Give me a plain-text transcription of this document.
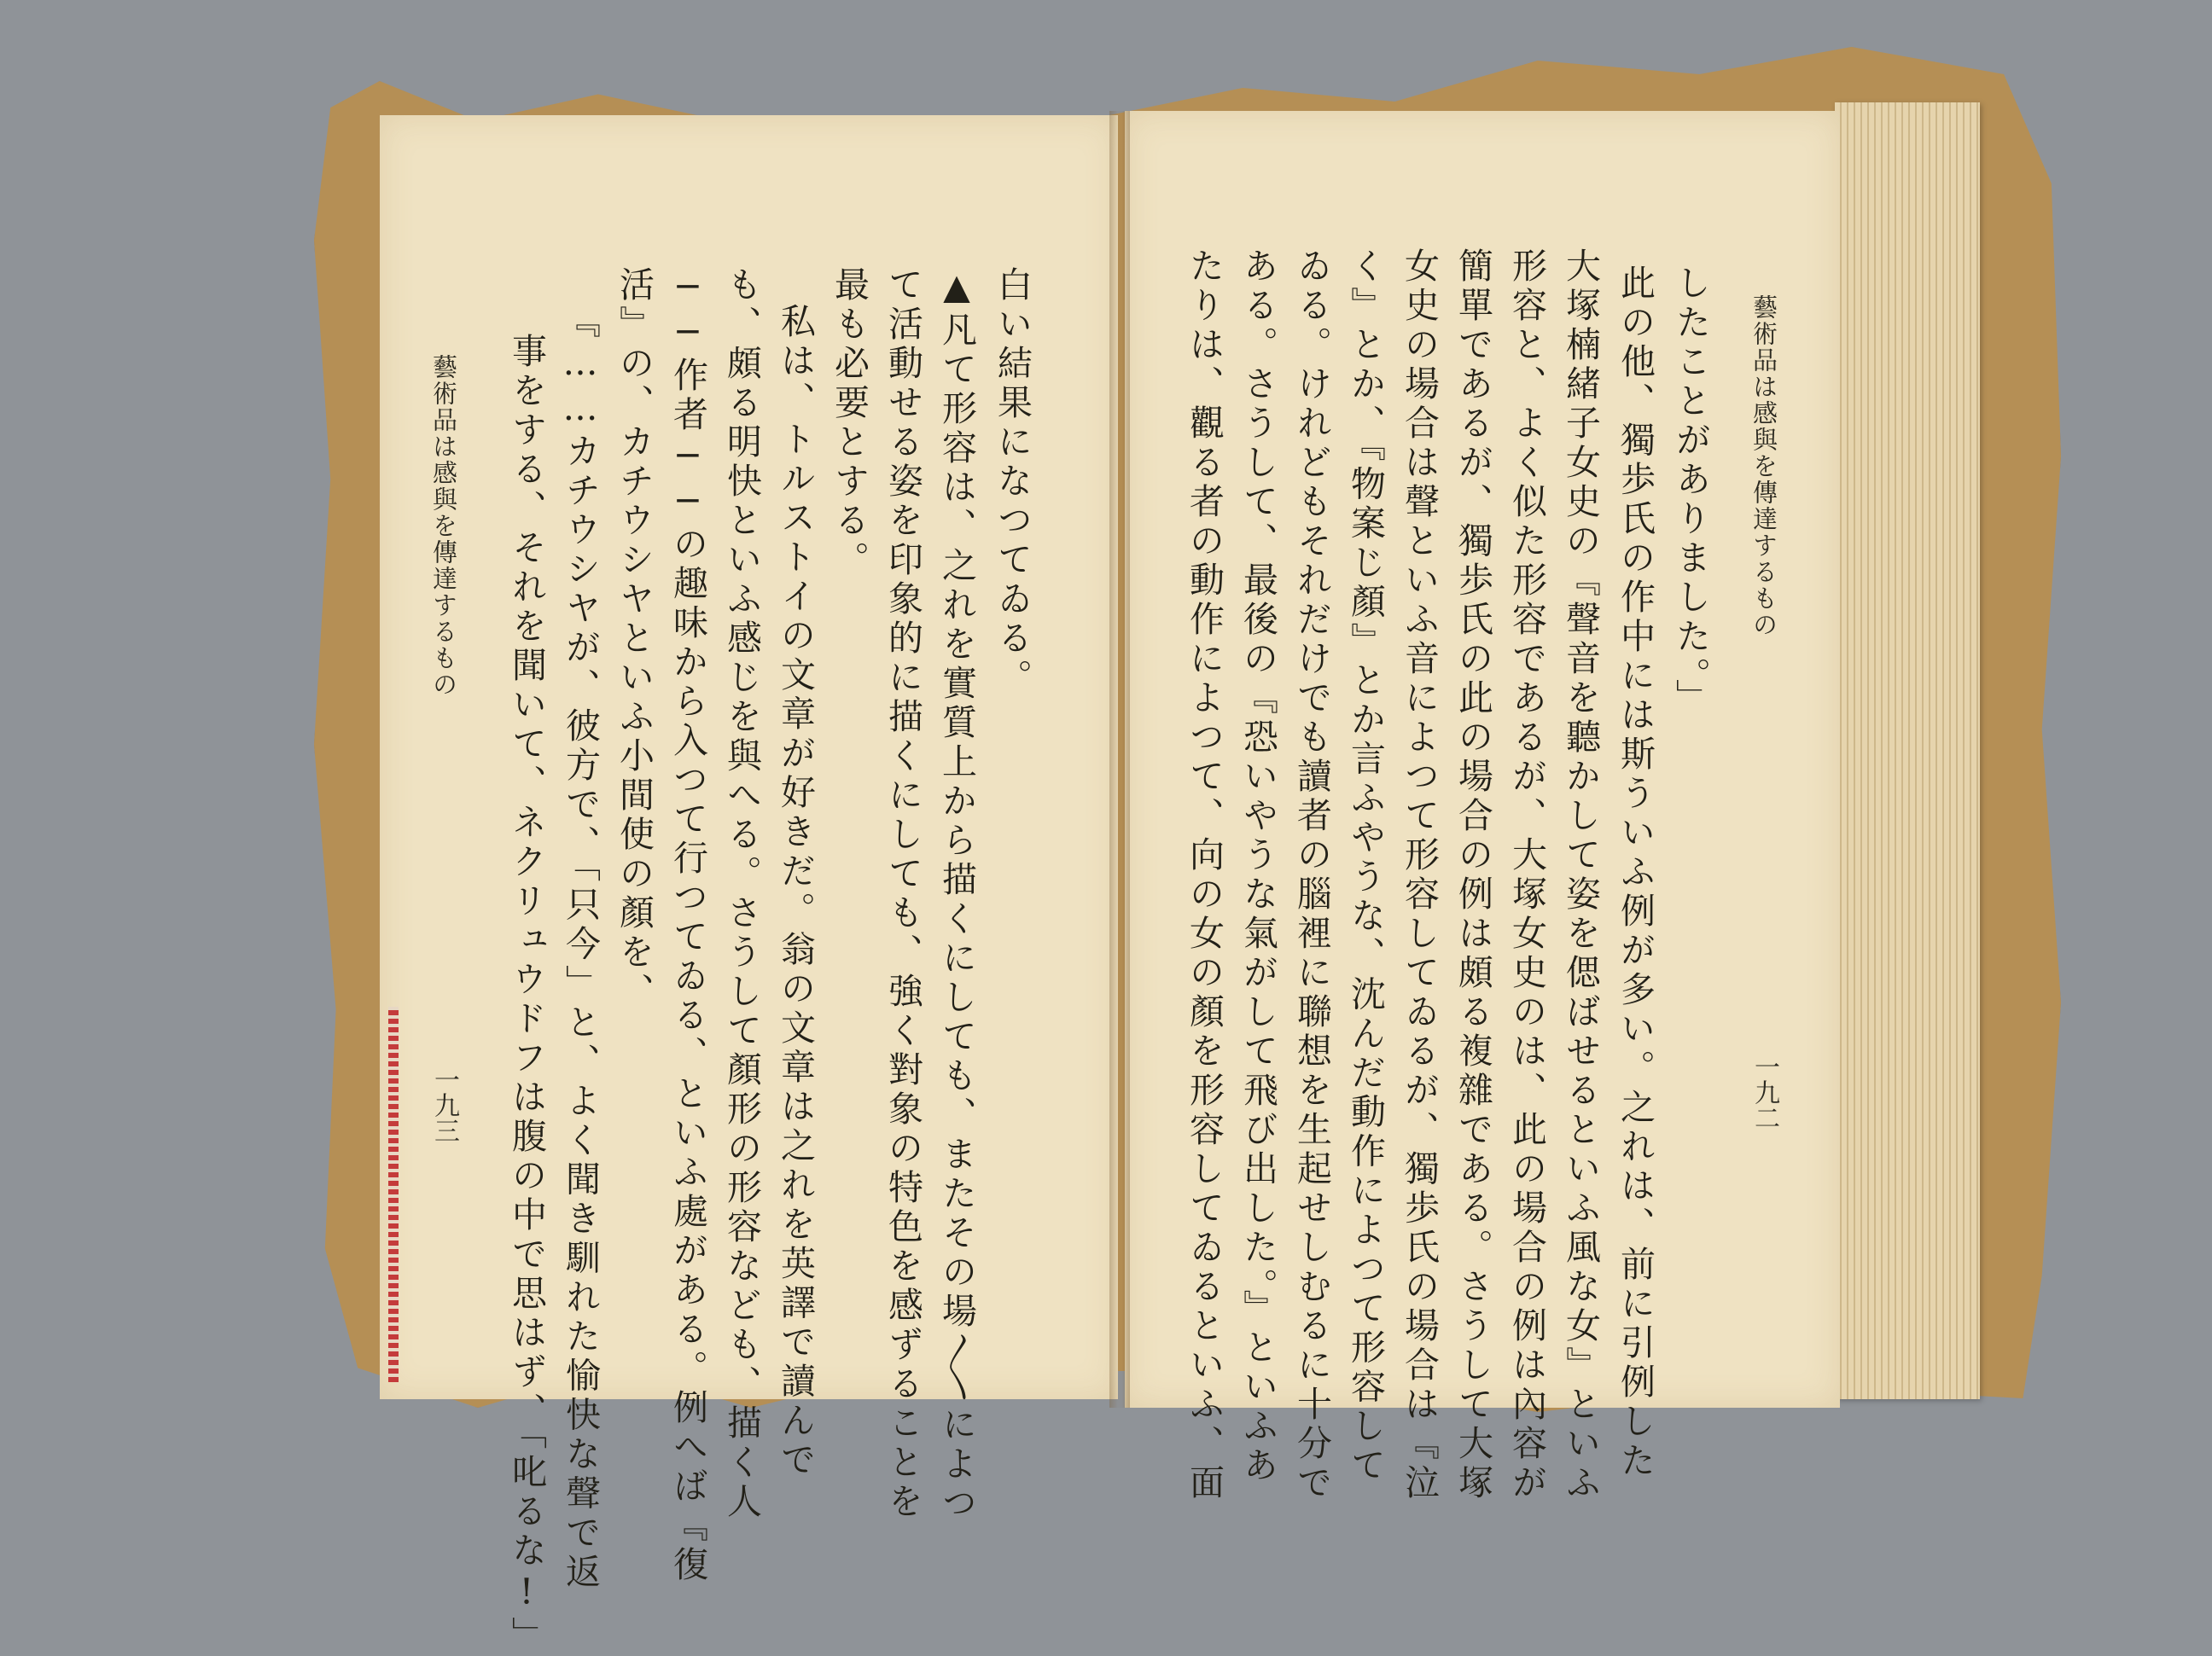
藝術品は感與を傳達するもの
一九二
したことがありました。」
此の他、獨歩氏の作中には斯ういふ例が多い。之れは、前に引例した
大塚楠緒子女史の『聲音を聽かして姿を偲ばせるといふ風な女』といふ
形容と、よく似た形容であるが、大塚女史のは、此の場合の例は內容が
簡單であるが、獨歩氏の此の場合の例は頗る複雜である。さうして大塚
女史の場合は聲といふ音によつて形容してゐるが、獨歩氏の場合は『泣
く』とか、『物案じ顏』とか言ふやうな、沈んだ動作によつて形容して
ゐる。けれどもそれだけでも讀者の腦裡に聯想を生起せしむるに十分で
ある。さうして、最後の『恐いやうな氣がして飛び出した。』といふあ
たりは、觀る者の動作によつて、向の女の顏を形容してゐるといふ、面
白い結果になつてゐる。
▲凡て形容は、之れを實質上から描くにしても、またその場〳〵によつ
て活動せる姿を印象的に描くにしても、強く對象の特色を感ずることを
最も必要とする。
私は、トルストイの文章が好きだ。翁の文章は之れを英譯で讀んで
も、頗る明快といふ感じを與へる。さうして顏形の形容なども、描く人
──作者──の趣味から入つて行つてゐる、といふ處がある。例へば『復
活』の、カチウシヤといふ小間使の顏を、
『……カチウシヤが、彼方で、「只今」と、よく聞き馴れた愉快な聲で返
事をする、それを聞いて、ネクリュウドフは腹の中で思はず、「叱るな!」
藝術品は感與を傳達するもの
一九三
